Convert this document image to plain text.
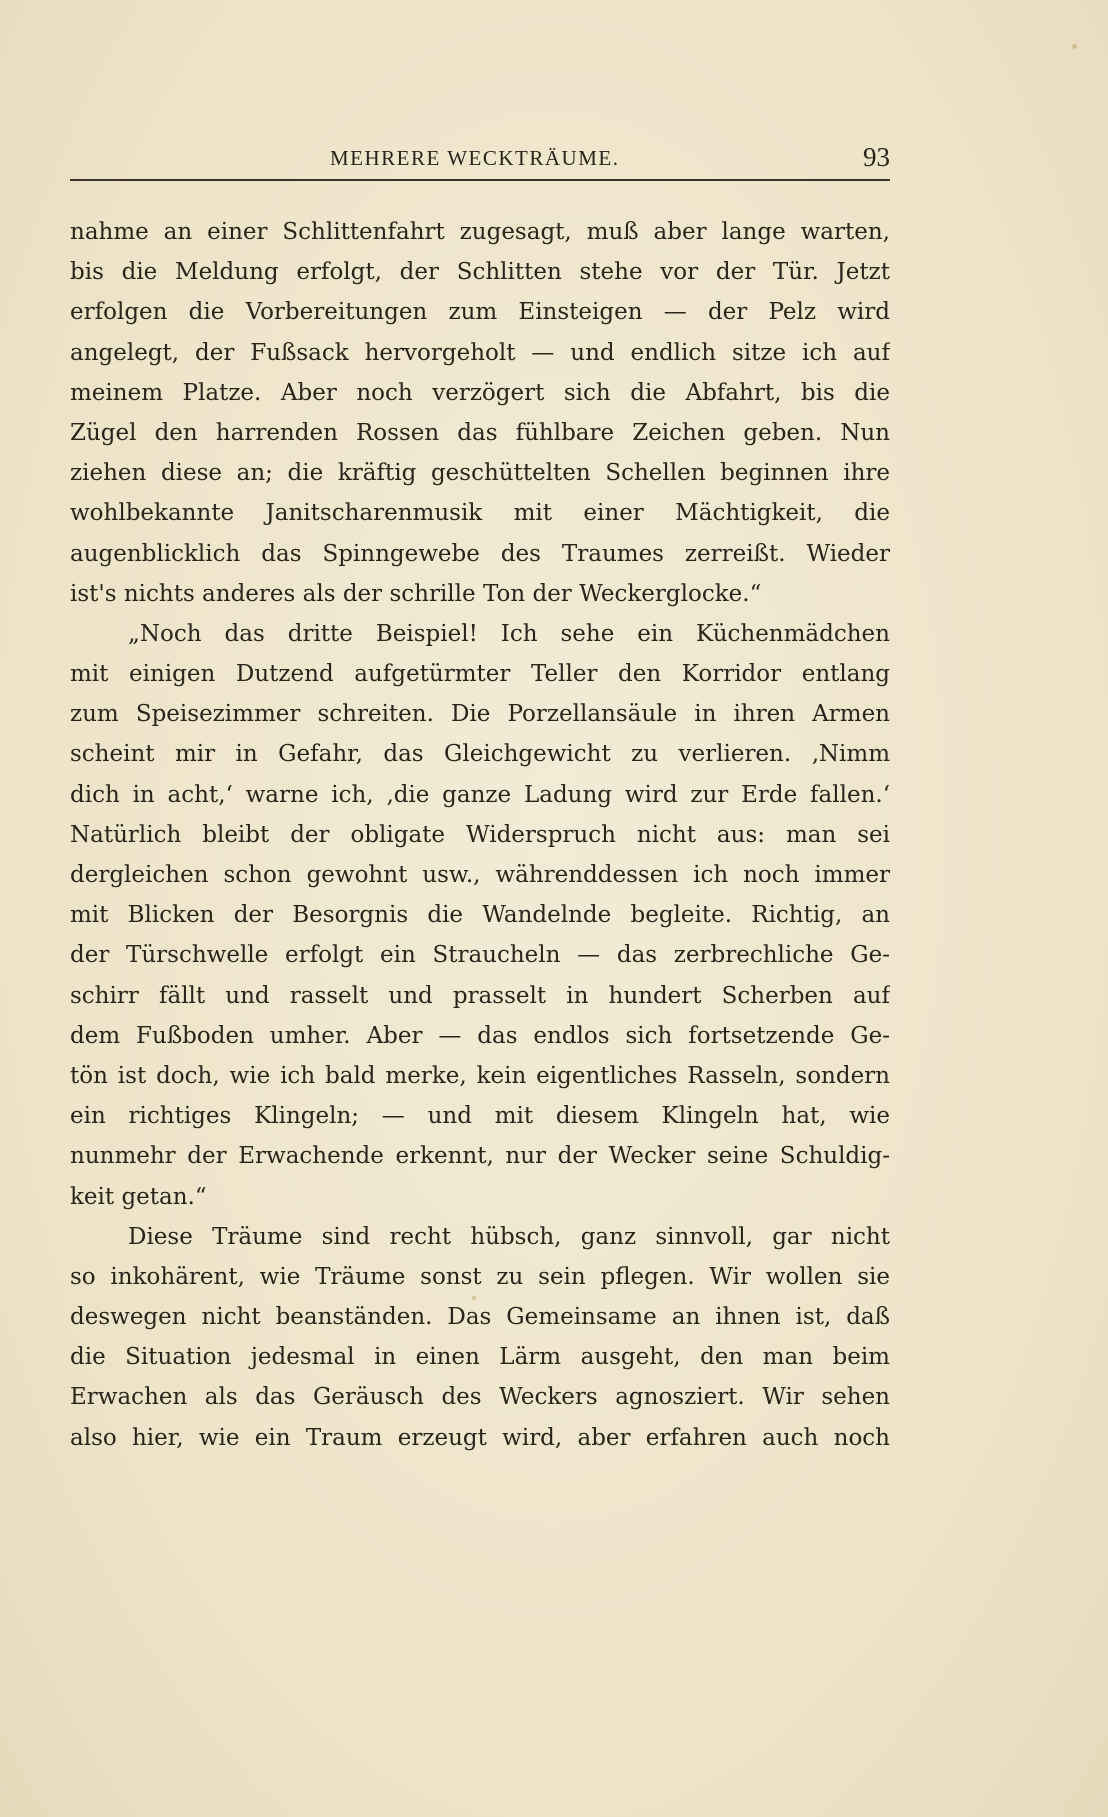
MEHRERE WECKTRÄUME.	93
nahme an einer Schlittenfahrt zugesagt, muß aber lange warten,
bis die Meldung erfolgt, der Schlitten stehe vor der Tür. Jetzt
erfolgen die Vorbereitungen zum Einsteigen — der Pelz wird
angelegt, der Fußsack hervorgeholt — und endlich sitze ich auf
meinem Platze. Aber noch verzögert sich die Abfahrt, bis die
Zügel den harrenden Rossen das fühlbare Zeichen geben. Nun
ziehen diese an; die kräftig geschüttelten Schellen beginnen ihre
wohlbekannte Janitscharenmusik mit einer Mächtigkeit, die
augenblicklich das Spinngewebe des Traumes zerreißt. Wieder
ist's nichts anderes als der schrille Ton der Weckerglocke.“
„Noch das dritte Beispiel! Ich sehe ein Küchenmädchen
mit einigen Dutzend aufgetürmter Teller den Korridor entlang
zum Speisezimmer schreiten. Die Porzellansäule in ihren Armen
scheint mir in Gefahr, das Gleichgewicht zu verlieren. ‚Nimm
dich in acht,‘ warne ich, ‚die ganze Ladung wird zur Erde fallen.‘
Natürlich bleibt der obligate Widerspruch nicht aus: man sei
dergleichen schon gewohnt usw., währenddessen ich noch immer
mit Blicken der Besorgnis die Wandelnde begleite. Richtig, an
der Türschwelle erfolgt ein Straucheln — das zerbrechliche Ge-
schirr fällt und rasselt und prasselt in hundert Scherben auf
dem Fußboden umher. Aber — das endlos sich fortsetzende Ge-
tön ist doch, wie ich bald merke, kein eigentliches Rasseln, sondern
ein richtiges Klingeln; — und mit diesem Klingeln hat, wie
nunmehr der Erwachende erkennt, nur der Wecker seine Schuldig-
keit getan.“
Diese Träume sind recht hübsch, ganz sinnvoll, gar nicht
so inkohärent, wie Träume sonst zu sein pflegen. Wir wollen sie
deswegen nicht beanständen. Das Gemeinsame an ihnen ist, daß
die Situation jedesmal in einen Lärm ausgeht, den man beim
Erwachen als das Geräusch des Weckers agnosziert. Wir sehen
also hier, wie ein Traum erzeugt wird, aber erfahren auch noch
